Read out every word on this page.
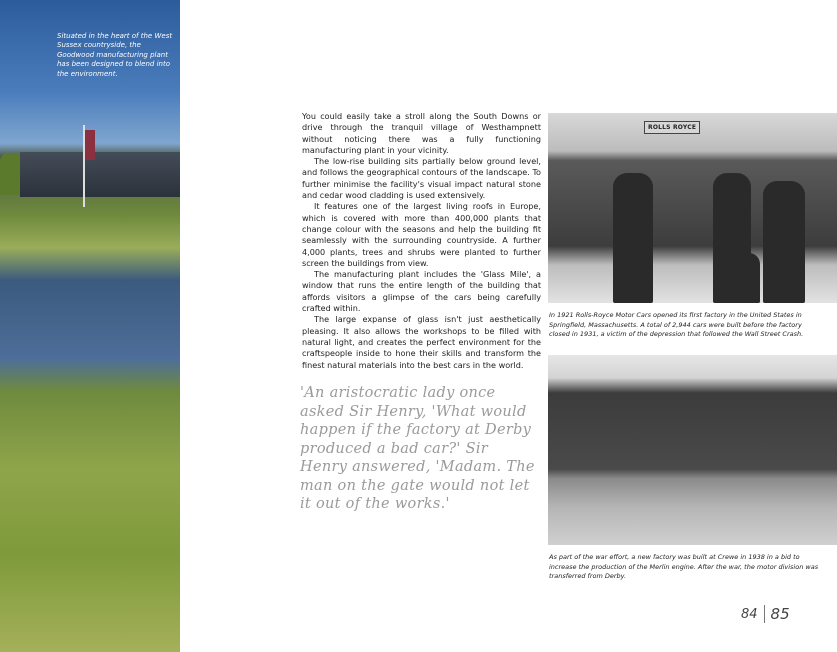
Situated in the heart of the West Sussex countryside, the Goodwood manufacturing plant has been designed to blend into the environment.

You could easily take a stroll along the South Downs or drive through the tranquil village of Westhampnett without noticing there was a fully functioning manufacturing plant in your vicinity.

The low-rise building sits partially below ground level, and follows the geographical contours of the landscape. To further minimise the facility's visual impact natural stone and cedar wood cladding is used extensively.

It features one of the largest living roofs in Europe, which is covered with more than 400,000 plants that change colour with the seasons and help the building fit seamlessly with the surrounding countryside. A further 4,000 plants, trees and shrubs were planted to further screen the buildings from view.

The manufacturing plant includes the 'Glass Mile', a window that runs the entire length of the building that affords visitors a glimpse of the cars being carefully crafted within.

The large expanse of glass isn't just aesthetically pleasing. It also allows the workshops to be filled with natural light, and creates the perfect environment for the craftspeople inside to hone their skills and transform the finest natural materials into the best cars in the world.

'An aristocratic lady once asked Sir Henry, 'What would happen if the factory at Derby produced a bad car?' Sir Henry answered, 'Madam. The man on the gate would not let it out of the works.'
ROLLS ROYCE
In 1921 Rolls-Royce Motor Cars opened its first factory in the United States in Springfield, Massachusetts. A total of 2,944 cars were built before the factory closed in 1931, a victim of the depression that followed the Wall Street Crash.
As part of the war effort, a new factory was built at Crewe in 1938 in a bid to increase the production of the Merlin engine. After the war, the motor division was transferred from Derby.
84 85
